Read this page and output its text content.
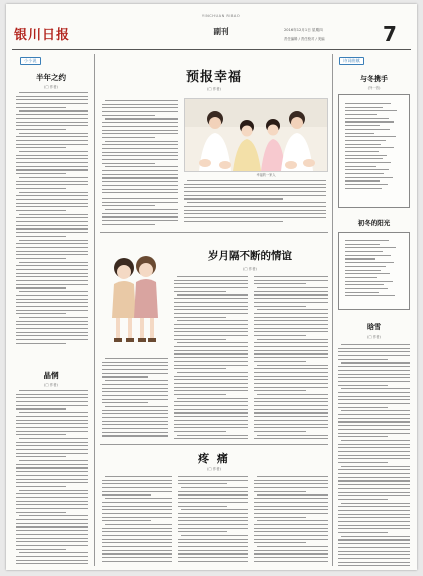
银川日报
YINCHUAN RIBAO
副刊	2016年12月1日 星期四
责任编辑 / 责任校对 / 美编	7
小小说
半年之约
(□ 作者)
晶惘
(□ 作者)
预报幸福
(□ 作者)
幸福的一家人
岁月隔不断的情谊
(□ 作者)
疼 痛
(□ 作者)
诗词曲赋
与冬携手
(外一首)
初冬的阳光
晗雪
(□ 作者)
